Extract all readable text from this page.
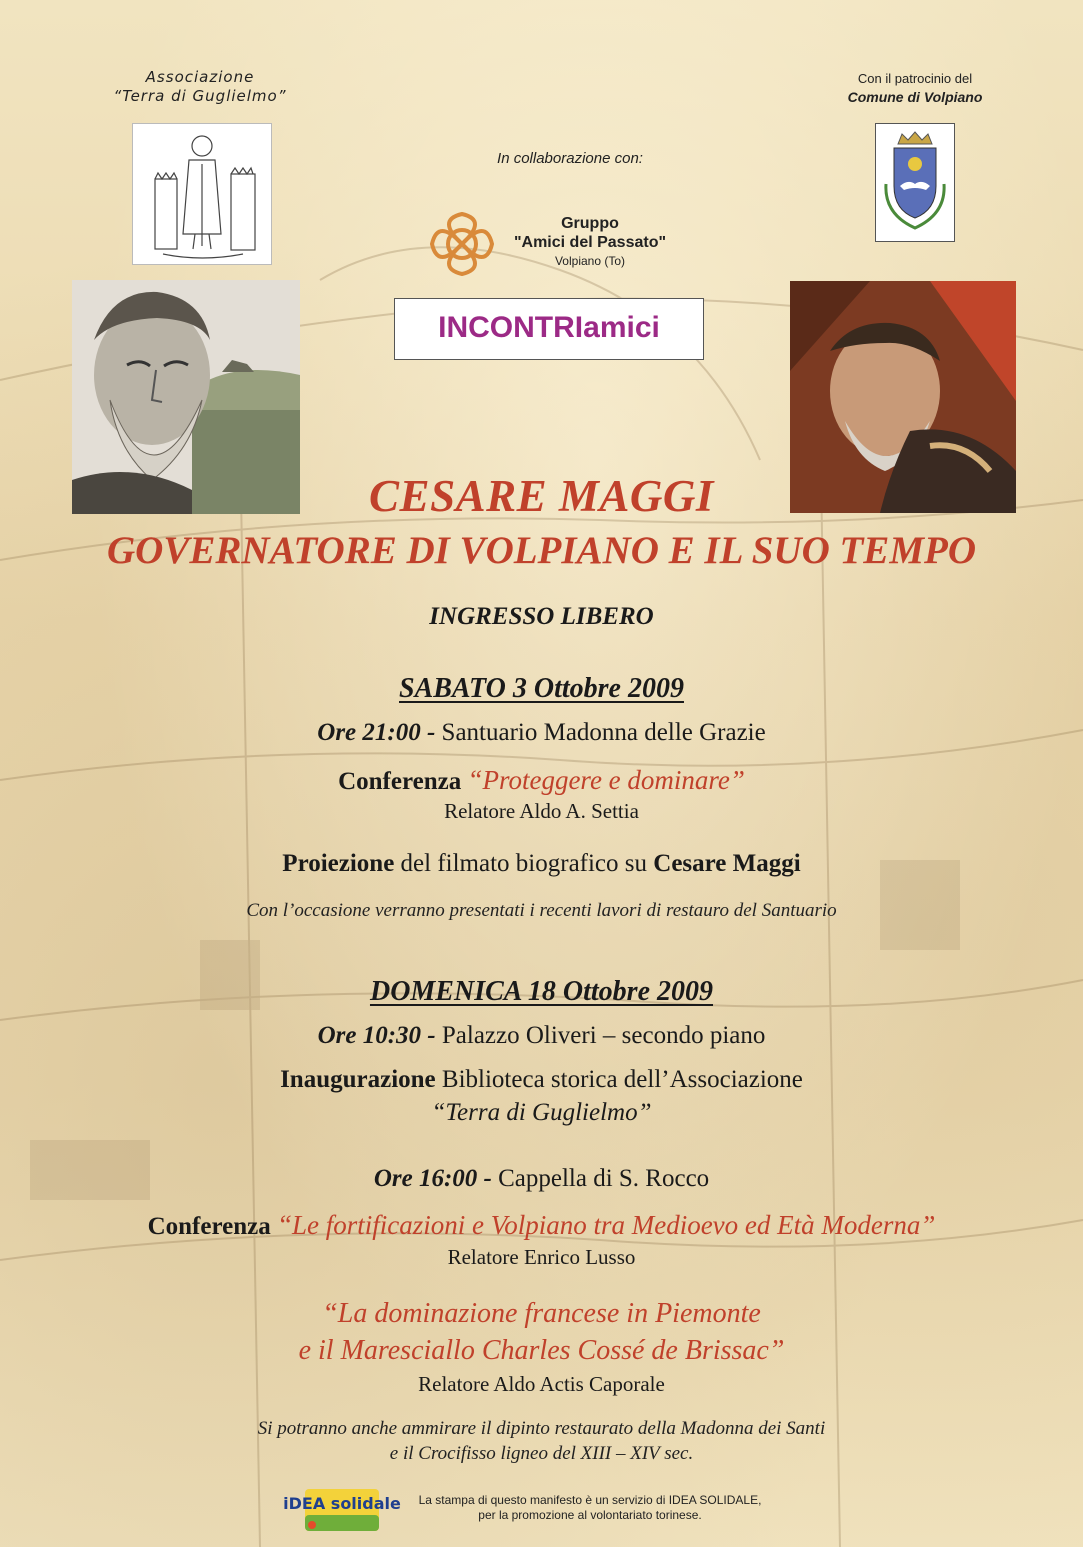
Associazione
“Terra di Guglielmo”
In collaborazione con:
Gruppo
"Amici del Passato"
Volpiano (To)
INCONTRIamici
Con il patrocinio del
Comune di Volpiano
CESARE MAGGI
GOVERNATORE DI VOLPIANO E IL SUO TEMPO
INGRESSO LIBERO
SABATO 3 Ottobre 2009
Ore 21:00 - Santuario Madonna delle Grazie
Conferenza “Proteggere e dominare”
Relatore Aldo A. Settia
Proiezione del filmato biografico su Cesare Maggi
Con l’occasione verranno presentati i recenti lavori di restauro del Santuario
DOMENICA 18 Ottobre 2009
Ore 10:30 - Palazzo Oliveri – secondo piano
Inaugurazione Biblioteca storica dell’Associazione
“Terra di Guglielmo”
Ore 16:00 - Cappella di S. Rocco
Conferenza “Le fortificazioni e Volpiano tra Medioevo ed Età Moderna”
Relatore Enrico Lusso
“La dominazione francese in Piemonte
e il Maresciallo Charles Cossé de Brissac”
Relatore Aldo Actis Caporale
Si potranno anche ammirare il dipinto restaurato della Madonna dei Santi
e il Crocifisso ligneo del XIII – XIV sec.
iDEA solidale	La stampa di questo manifesto è un servizio di IDEA SOLIDALE,
per la promozione al volontariato torinese.
